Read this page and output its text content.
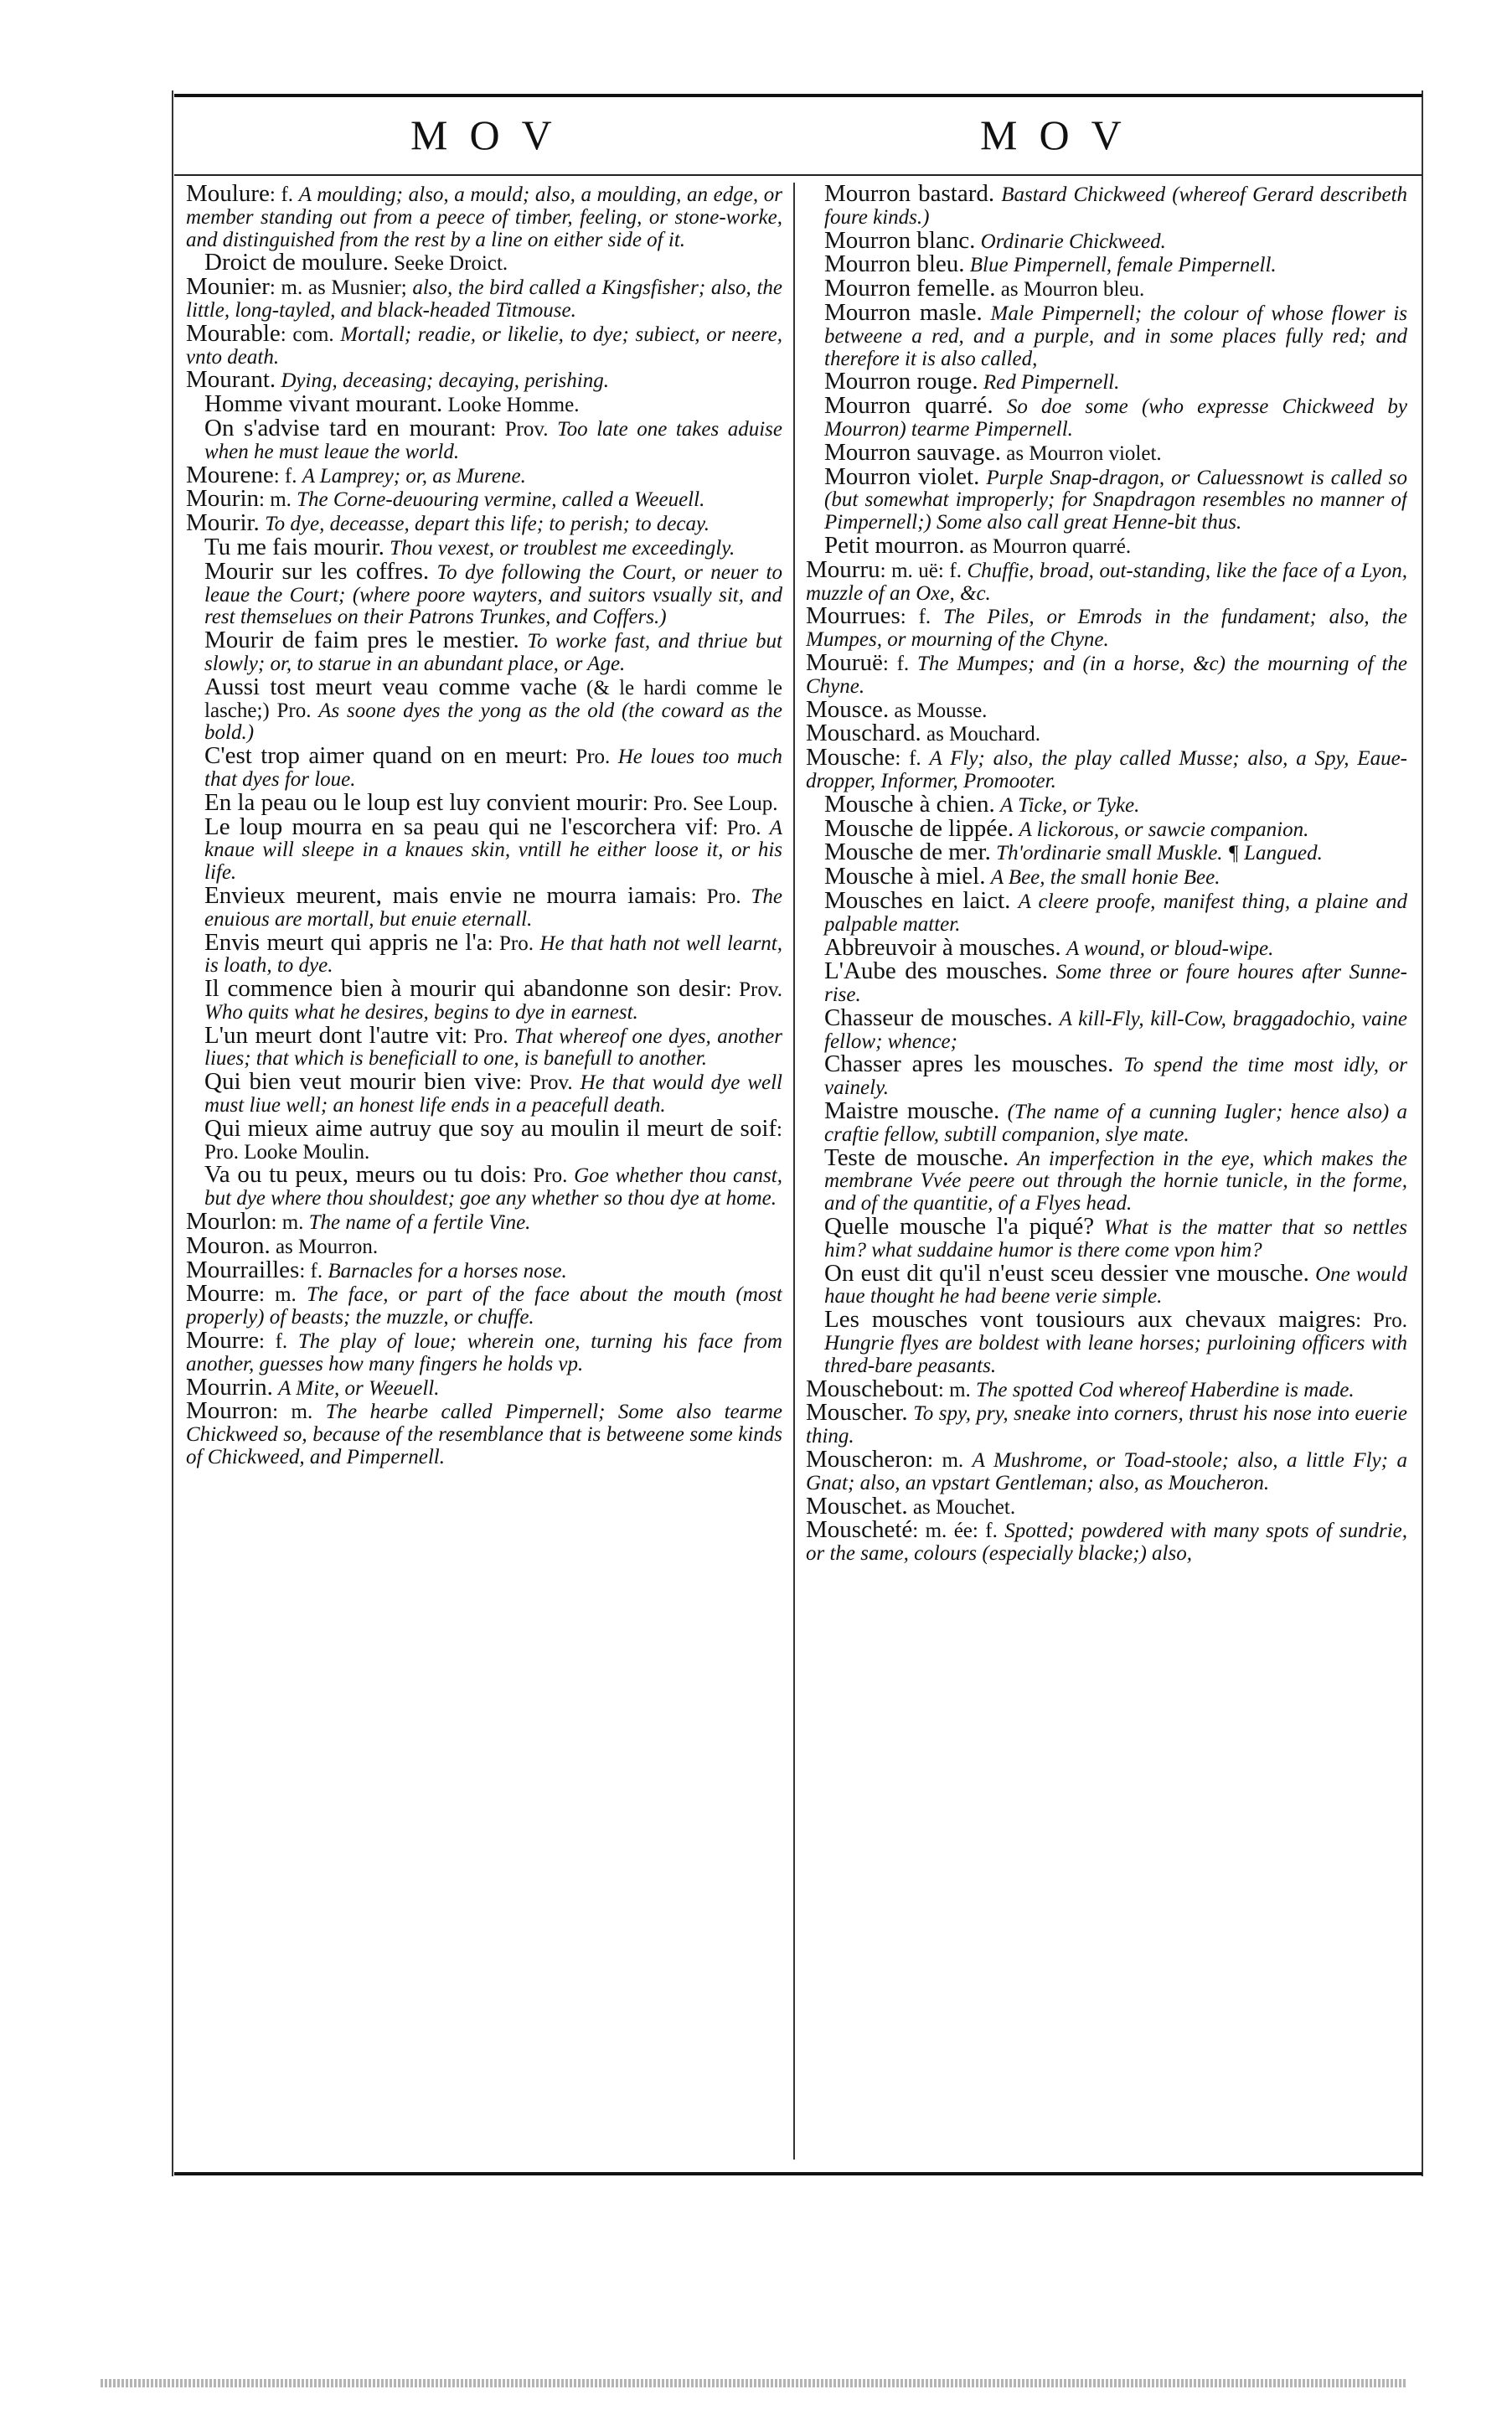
MOV	MOV

Moulure: f. A moulding; also, a mould; also, a moulding, an edge, or member standing out from a peece of timber, feeling, or stone-worke, and distinguished from the rest by a line on either side of it.

Droict de moulure. Seeke Droict.

Mounier: m. as Musnier; also, the bird called a Kingsfisher; also, the little, long-tayled, and black-headed Titmouse.

Mourable: com. Mortall; readie, or likelie, to dye; subiect, or neere, vnto death.

Mourant. Dying, deceasing; decaying, perishing.

Homme vivant mourant. Looke Homme.

On s'advise tard en mourant: Prov. Too late one takes aduise when he must leaue the world.

Mourene: f. A Lamprey; or, as Murene.

Mourin: m. The Corne-deuouring vermine, called a Weeuell.

Mourir. To dye, deceasse, depart this life; to perish; to decay.

Tu me fais mourir. Thou vexest, or troublest me exceedingly.

Mourir sur les coffres. To dye following the Court, or neuer to leaue the Court; (where poore wayters, and suitors vsually sit, and rest themselues on their Patrons Trunkes, and Coffers.)

Mourir de faim pres le mestier. To worke fast, and thriue but slowly; or, to starue in an abundant place, or Age.

Aussi tost meurt veau comme vache (& le hardi comme le lasche;) Pro. As soone dyes the yong as the old (the coward as the bold.)

C'est trop aimer quand on en meurt: Pro. He loues too much that dyes for loue.

En la peau ou le loup est luy convient mourir: Pro. See Loup.

Le loup mourra en sa peau qui ne l'escorchera vif: Pro. A knaue will sleepe in a knaues skin, vntill he either loose it, or his life.

Envieux meurent, mais envie ne mourra iamais: Pro. The enuious are mortall, but enuie eternall.

Envis meurt qui appris ne l'a: Pro. He that hath not well learnt, is loath, to dye.

Il commence bien à mourir qui abandonne son desir: Prov. Who quits what he desires, begins to dye in earnest.

L'un meurt dont l'autre vit: Pro. That whereof one dyes, another liues; that which is beneficiall to one, is banefull to another.

Qui bien veut mourir bien vive: Prov. He that would dye well must liue well; an honest life ends in a peacefull death.

Qui mieux aime autruy que soy au moulin il meurt de soif: Pro. Looke Moulin.

Va ou tu peux, meurs ou tu dois: Pro. Goe whether thou canst, but dye where thou shouldest; goe any whether so thou dye at home.

Mourlon: m. The name of a fertile Vine.

Mouron. as Mourron.

Mourrailles: f. Barnacles for a horses nose.

Mourre: m. The face, or part of the face about the mouth (most properly) of beasts; the muzzle, or chuffe.

Mourre: f. The play of loue; wherein one, turning his face from another, guesses how many fingers he holds vp.

Mourrin. A Mite, or Weeuell.

Mourron: m. The hearbe called Pimpernell; Some also tearme Chickweed so, because of the resemblance that is betweene some kinds of Chickweed, and Pimpernell.

Mourron bastard. Bastard Chickweed (whereof Gerard describeth foure kinds.)

Mourron blanc. Ordinarie Chickweed.

Mourron bleu. Blue Pimpernell, female Pimpernell.

Mourron femelle. as Mourron bleu.

Mourron masle. Male Pimpernell; the colour of whose flower is betweene a red, and a purple, and in some places fully red; and therefore it is also called,

Mourron rouge. Red Pimpernell.

Mourron quarré. So doe some (who expresse Chickweed by Mourron) tearme Pimpernell.

Mourron sauvage. as Mourron violet.

Mourron violet. Purple Snap-dragon, or Caluessnowt is called so (but somewhat improperly; for Snapdragon resembles no manner of Pimpernell;) Some also call great Henne-bit thus.

Petit mourron. as Mourron quarré.

Mourru: m. uë: f. Chuffie, broad, out-standing, like the face of a Lyon, muzzle of an Oxe, &c.

Mourrues: f. The Piles, or Emrods in the fundament; also, the Mumpes, or mourning of the Chyne.

Mouruë: f. The Mumpes; and (in a horse, &c) the mourning of the Chyne.

Mousce. as Mousse.

Mouschard. as Mouchard.

Mousche: f. A Fly; also, the play called Musse; also, a Spy, Eaue-dropper, Informer, Promooter.

Mousche à chien. A Ticke, or Tyke.

Mousche de lippée. A lickorous, or sawcie companion.

Mousche de mer. Th'ordinarie small Muskle. ¶ Langued.

Mousche à miel. A Bee, the small honie Bee.

Mousches en laict. A cleere proofe, manifest thing, a plaine and palpable matter.

Abbreuvoir à mousches. A wound, or bloud-wipe.

L'Aube des mousches. Some three or foure houres after Sunne-rise.

Chasseur de mousches. A kill-Fly, kill-Cow, braggadochio, vaine fellow; whence;

Chasser apres les mousches. To spend the time most idly, or vainely.

Maistre mousche. (The name of a cunning Iugler; hence also) a craftie fellow, subtill companion, slye mate.

Teste de mousche. An imperfection in the eye, which makes the membrane Vvée peere out through the hornie tunicle, in the forme, and of the quantitie, of a Flyes head.

Quelle mousche l'a piqué? What is the matter that so nettles him? what suddaine humor is there come vpon him?

On eust dit qu'il n'eust sceu dessier vne mousche. One would haue thought he had beene verie simple.

Les mousches vont tousiours aux chevaux maigres: Pro. Hungrie flyes are boldest with leane horses; purloining officers with thred-bare peasants.

Mouschebout: m. The spotted Cod whereof Haberdine is made.

Mouscher. To spy, pry, sneake into corners, thrust his nose into euerie thing.

Mouscheron: m. A Mushrome, or Toad-stoole; also, a little Fly; a Gnat; also, an vpstart Gentleman; also, as Moucheron.

Mouschet. as Mouchet.

Mouscheté: m. ée: f. Spotted; powdered with many spots of sundrie, or the same, colours (especially blacke;) also,
